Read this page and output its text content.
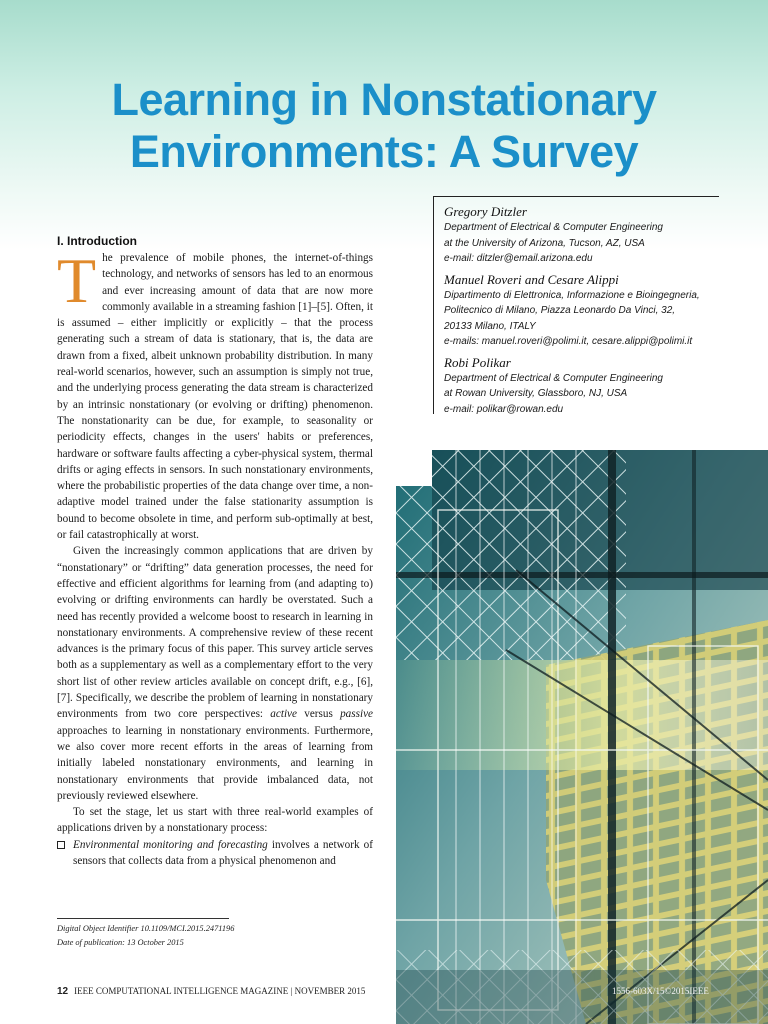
Learning in Nonstationary
Environments: A Survey
Gregory Ditzler
Department of Electrical & Computer Engineering
at the University of Arizona, Tucson, AZ, USA
e-mail: ditzler@email.arizona.edu
Manuel Roveri and Cesare Alippi
Dipartimento di Elettronica, Informazione e Bioingegneria,
Politecnico di Milano, Piazza Leonardo Da Vinci, 32,
20133 Milano, ITALY
e-mails: manuel.roveri@polimi.it, cesare.alippi@polimi.it
Robi Polikar
Department of Electrical & Computer Engineering
at Rowan University, Glassboro, NJ, USA
e-mail: polikar@rowan.edu
I. Introduction

The prevalence of mobile phones, the internet-of-things technology, and networks of sensors has led to an enormous and ever increasing amount of data that are now more commonly available in a streaming fashion [1]–[5]. Often, it is assumed – either implicitly or explicitly – that the process generating such a stream of data is stationary, that is, the data are drawn from a fixed, albeit unknown probability distribution. In many real-world scenarios, however, such an assumption is simply not true, and the underlying process generating the data stream is characterized by an intrinsic nonstationary (or evolving or drifting) phenomenon. The nonstationarity can be due, for example, to seasonality or periodicity effects, changes in the users' habits or preferences, hardware or software faults affecting a cyber-physical system, thermal drifts or aging effects in sensors. In such nonstationary environments, where the probabilistic properties of the data change over time, a non-adaptive model trained under the false stationarity assumption is bound to become obsolete in time, and perform sub-optimally at best, or fail catastrophically at worst.

Given the increasingly common applications that are driven by “nonstationary” or “drifting” data generation processes, the need for effective and efficient algorithms for learning from (and adapting to) evolving or drifting environments can hardly be overstated. Such a need has recently provided a welcome boost to research in learning in nonstationary environments. A comprehensive review of these recent advances is the primary focus of this paper. This survey article serves both as a supplementary as well as a complementary effort to the very short list of other review articles available on concept drift, e.g., [6], [7]. Specifically, we describe the problem of learning in nonstationary environments from two core perspectives: active versus passive approaches to learning in nonstationary environments. Furthermore, we also cover more recent efforts in the areas of learning from initially labeled nonstationary environments, and learning in nonstationary environments that provide imbalanced data, not previously reviewed elsewhere.

To set the stage, let us start with three real-world examples of applications driven by a nonstationary process:

Environmental monitoring and forecasting involves a network of sensors that collects data from a physical phenomenon and

Digital Object Identifier 10.1109/MCI.2015.2471196
Date of publication: 13 October 2015
12 IEEE COMPUTATIONAL INTELLIGENCE MAGAZINE | NOVEMBER 2015	1556-603X/15©2015IEEE
